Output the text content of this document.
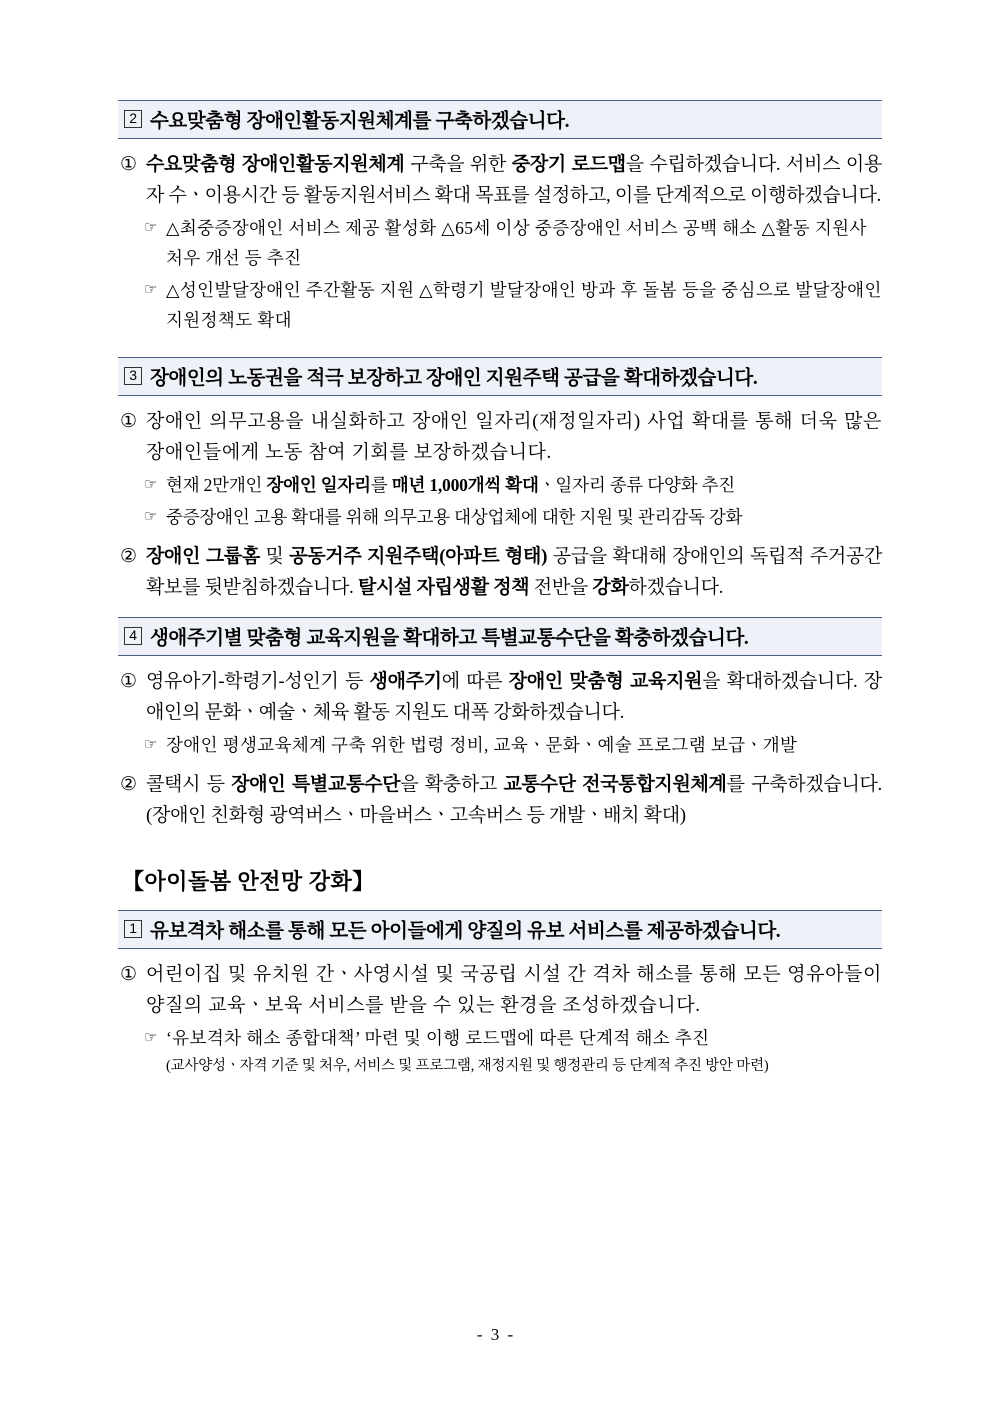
2 수요맞춤형 장애인활동지원체계를 구축하겠습니다.
① 수요맞춤형 장애인활동지원체계 구축을 위한 중장기 로드맵을 수립하겠습니다. 서비스 이용자 수ㆍ이용시간 등 활동지원서비스 확대 목표를 설정하고, 이를 단계적으로 이행하겠습니다.
☞ △최중증장애인 서비스 제공 활성화 △65세 이상 중증장애인 서비스 공백 해소 △활동 지원사 처우 개선 등 추진
☞ △성인발달장애인 주간활동 지원 △학령기 발달장애인 방과 후 돌봄 등을 중심으로 발달장애인 지원정책도 확대
3 장애인의 노동권을 적극 보장하고 장애인 지원주택 공급을 확대하겠습니다.
① 장애인 의무고용을 내실화하고 장애인 일자리(재정일자리) 사업 확대를 통해 더욱 많은 장애인들에게 노동 참여 기회를 보장하겠습니다.
☞ 현재 2만개인 장애인 일자리를 매년 1,000개씩 확대ㆍ일자리 종류 다양화 추진
☞ 중증장애인 고용 확대를 위해 의무고용 대상업체에 대한 지원 및 관리감독 강화
② 장애인 그룹홈 및 공동거주 지원주택(아파트 형태) 공급을 확대해 장애인의 독립적 주거공간 확보를 뒷받침하겠습니다. 탈시설 자립생활 정책 전반을 강화하겠습니다.
4 생애주기별 맞춤형 교육지원을 확대하고 특별교통수단을 확충하겠습니다.
① 영유아기-학령기-성인기 등 생애주기에 따른 장애인 맞춤형 교육지원을 확대하겠습니다. 장애인의 문화ㆍ예술ㆍ체육 활동 지원도 대폭 강화하겠습니다.
☞ 장애인 평생교육체계 구축 위한 법령 정비, 교육ㆍ문화ㆍ예술 프로그램 보급ㆍ개발
② 콜택시 등 장애인 특별교통수단을 확충하고 교통수단 전국통합지원체계를 구축하겠습니다. (장애인 친화형 광역버스ㆍ마을버스ㆍ고속버스 등 개발ㆍ배치 확대)
【아이돌봄 안전망 강화】
1 유보격차 해소를 통해 모든 아이들에게 양질의 유보 서비스를 제공하겠습니다.
① 어린이집 및 유치원 간ㆍ사영시설 및 국공립 시설 간 격차 해소를 통해 모든 영유아들이 양질의 교육ㆍ보육 서비스를 받을 수 있는 환경을 조성하겠습니다.
☞ ‘유보격차 해소 종합대책’ 마련 및 이행 로드맵에 따른 단계적 해소 추진
(교사양성ㆍ자격 기준 및 처우, 서비스 및 프로그램, 재정지원 및 행정관리 등 단계적 추진 방안 마련)
- 3 -
